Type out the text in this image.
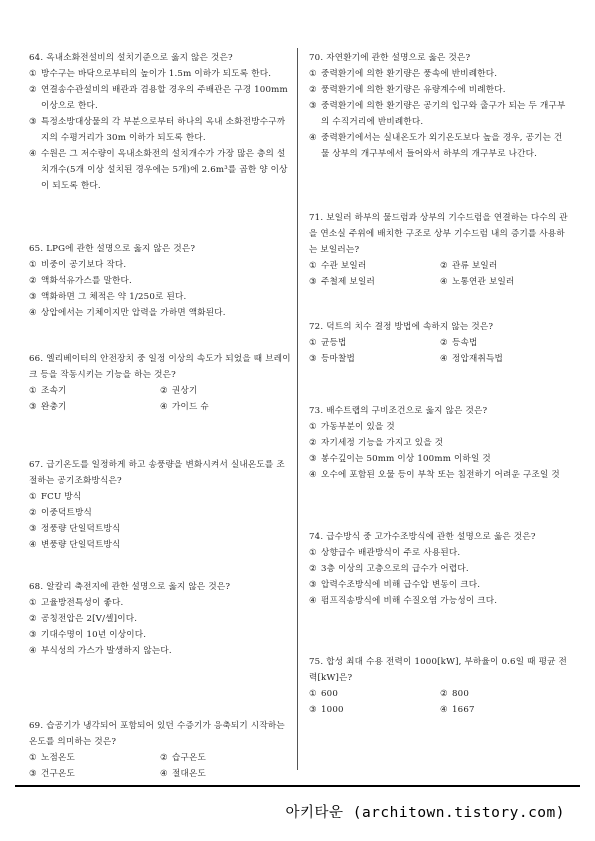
64. 옥내소화전설비의 설치기준으로 옳지 않은 것은?
① 방수구는 바닥으로부터의 높이가 1.5m 이하가 되도록 한다.
② 연결송수관설비의 배관과 겸용할 경우의 주배관은 구경 100mm 이상으로 한다.
③ 특정소방대상물의 각 부분으로부터 하나의 옥내 소화전방수구까지의 수평거리가 30m 이하가 되도록 한다.
④ 수원은 그 저수량이 옥내소화전의 설치개수가 가장 많은 층의 설치개수(5개 이상 설치된 경우에는 5개)에 2.6m³를 곱한 양 이상이 되도록 한다.
65. LPG에 관한 설명으로 옳지 않은 것은?
① 비중이 공기보다 작다.
② 액화석유가스를 말한다.
③ 액화하면 그 체적은 약 1/250로 된다.
④ 상압에서는 기체이지만 압력을 가하면 액화된다.
66. 엘리베이터의 안전장치 중 일정 이상의 속도가 되었을 때 브레이크 등을 작동시키는 기능을 하는 것은?
① 조속기	② 권상기
③ 완충기	④ 가이드 슈
67. 급기온도를 일정하게 하고 송풍량을 변화시켜서 실내온도를 조절하는 공기조화방식은?
① FCU 방식
② 이중덕트방식
③ 정풍량 단일덕트방식
④ 변풍량 단일덕트방식
68. 알칼리 축전지에 관한 설명으로 옳지 않은 것은?
① 고율방전특성이 좋다.
② 공칭전압은 2[V/셀]이다.
③ 기대수명이 10년 이상이다.
④ 부식성의 가스가 발생하지 않는다.
69. 습공기가 냉각되어 포함되어 있던 수증기가 응축되기 시작하는 온도를 의미하는 것은?
① 노점온도	② 습구온도
③ 건구온도	④ 절대온도
70. 자연환기에 관한 설명으로 옳은 것은?
① 중력환기에 의한 환기량은 풍속에 반비례한다.
② 풍력환기에 의한 환기량은 유량계수에 비례한다.
③ 중력환기에 의한 환기량은 공기의 입구와 출구가 되는 두 개구부의 수직거리에 반비례한다.
④ 중력환기에서는 실내온도가 외기온도보다 높을 경우, 공기는 건물 상부의 개구부에서 들어와서 하부의 개구부로 나간다.
71. 보일러 하부의 물드럼과 상부의 기수드럼을 연결하는 다수의 관을 연소실 주위에 배치한 구조로 상부 기수드럼 내의 증기를 사용하는 보일러는?
① 수관 보일러	② 관류 보일러
③ 주철제 보일러	④ 노통연관 보일러
72. 덕트의 치수 결정 방법에 속하지 않는 것은?
① 균등법	② 등속법
③ 등마찰법	④ 정압재취득법
73. 배수트랩의 구비조건으로 옳지 않은 것은?
① 가동부분이 있을 것
② 자기세정 기능을 가지고 있을 것
③ 봉수깊이는 50mm 이상 100mm 이하일 것
④ 오수에 포함된 오물 등이 부착 또는 침전하기 어려운 구조일 것
74. 급수방식 중 고가수조방식에 관한 설명으로 옳은 것은?
① 상향급수 배관방식이 주로 사용된다.
② 3층 이상의 고층으로의 급수가 어렵다.
③ 압력수조방식에 비해 급수압 변동이 크다.
④ 펌프직송방식에 비해 수질오염 가능성이 크다.
75. 합성 최대 수용 전력이 1000[kW], 부하율이 0.6일 때 평균 전력[kW]은?
① 600	② 800
③ 1000	④ 1667
아키타운 (architown.tistory.com)
